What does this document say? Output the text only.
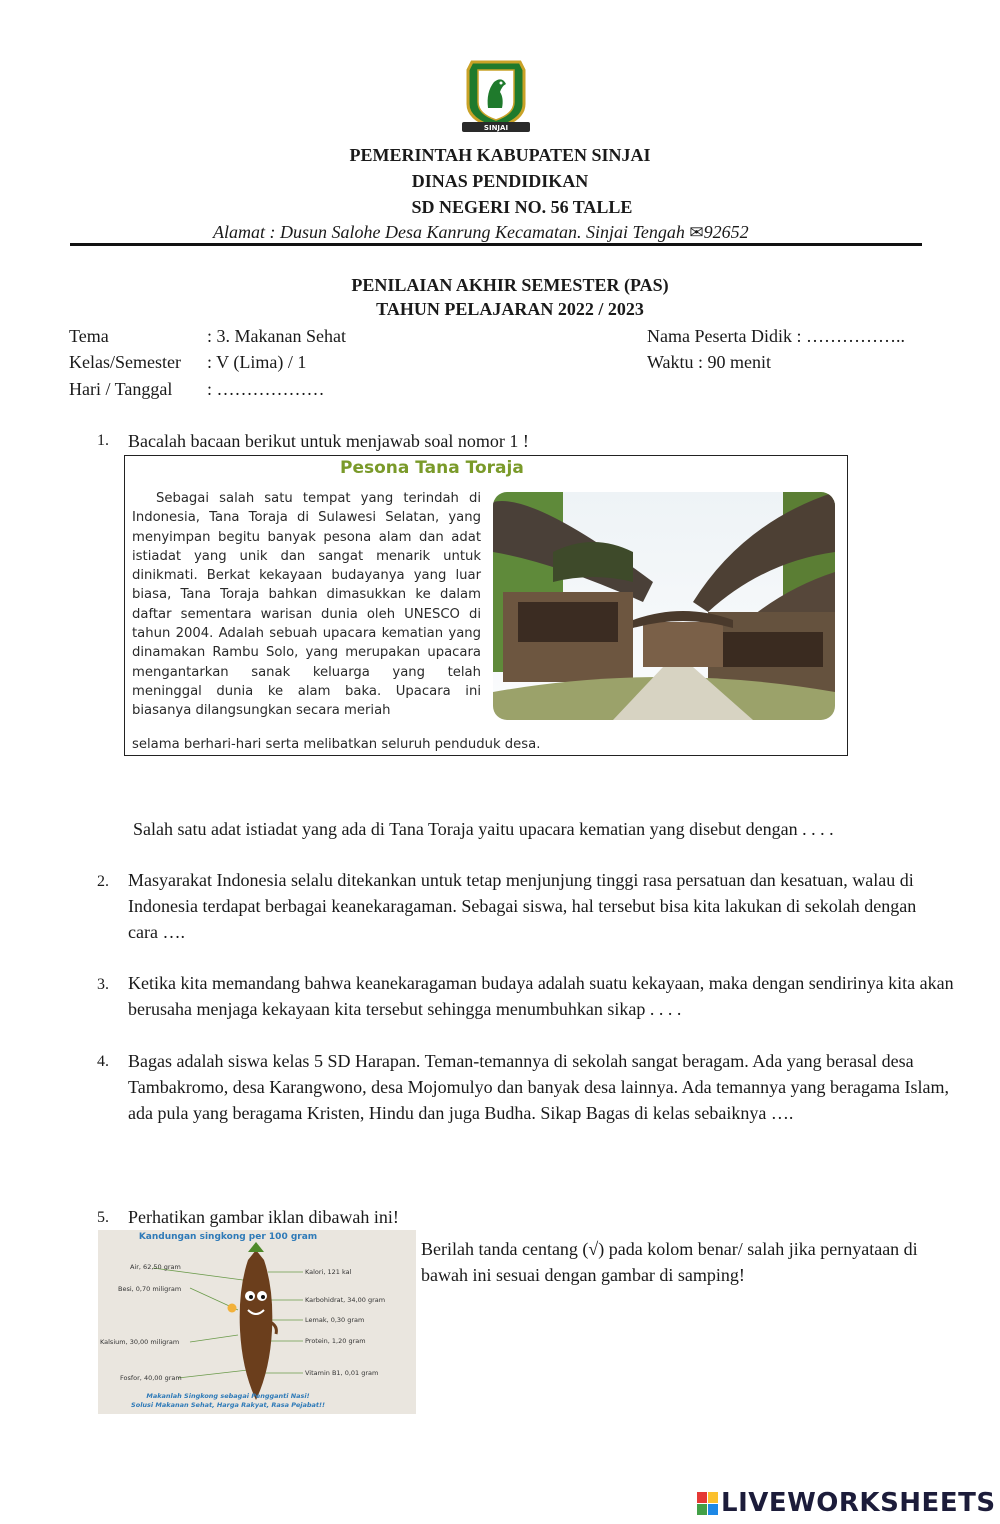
SINJAI
PEMERINTAH KABUPATEN SINJAI
DINAS PENDIDIKAN
SD NEGERI NO. 56 TALLE
Alamat : Dusun Salohe Desa Kanrung Kecamatan. Sinjai Tengah ✉92652
PENILAIAN AKHIR SEMESTER (PAS)
TAHUN PELAJARAN 2022 / 2023
Tema	: 3. Makanan Sehat
Kelas/Semester : V (Lima) / 1
Hari / Tanggal : ………………
Nama Peserta Didik : ……………..
Waktu : 90 menit
1. Bacalah bacaan berikut untuk menjawab soal nomor 1 !
Pesona Tana Toraja
Sebagai salah satu tempat yang terindah di Indonesia, Tana Toraja di Sulawesi Selatan, yang menyimpan begitu banyak pesona alam dan adat istiadat yang unik dan sangat menarik untuk dinikmati. Berkat kekayaan budayanya yang luar biasa, Tana Toraja bahkan dimasukkan ke dalam daftar sementara warisan dunia oleh UNESCO di tahun 2004. Adalah sebuah upacara kematian yang dinamakan Rambu Solo, yang merupakan upacara mengantarkan sanak keluarga yang telah meninggal dunia ke alam baka. Upacara ini biasanya dilangsungkan secara meriah
selama berhari-hari serta melibatkan seluruh penduduk desa.
Salah satu adat istiadat yang ada di Tana Toraja yaitu upacara kematian yang disebut dengan . . . .
2. Masyarakat Indonesia selalu ditekankan untuk tetap menjunjung tinggi rasa persatuan dan kesatuan, walau di Indonesia terdapat berbagai keanekaragaman. Sebagai siswa, hal tersebut bisa kita lakukan di sekolah dengan cara ….
3. Ketika kita memandang bahwa keanekaragaman budaya adalah suatu kekayaan, maka dengan sendirinya kita akan berusaha menjaga kekayaan kita tersebut sehingga menumbuhkan sikap . . . .
4. Bagas adalah siswa kelas 5 SD Harapan. Teman-temannya di sekolah sangat beragam. Ada yang berasal desa Tambakromo, desa Karangwono, desa Mojomulyo dan banyak desa lainnya. Ada temannya yang beragama Islam, ada pula yang beragama Kristen, Hindu dan juga Budha. Sikap Bagas di kelas sebaiknya ….
5. Perhatikan gambar iklan dibawah ini!
Berilah tanda centang (√) pada kolom benar/ salah jika pernyataan di bawah ini sesuai dengan gambar di samping!
Kandungan singkong per 100 gram
Air, 62,50 gram
Besi, 0,70 miligram
Kalsium, 30,00 miligram
Fosfor, 40,00 gram
Kalori, 121 kal
Karbohidrat, 34,00 gram
Lemak, 0,30 gram
Protein, 1,20 gram
Vitamin B1, 0,01 gram
Makanlah Singkong sebagai Pengganti Nasi!
Solusi Makanan Sehat, Harga Rakyat, Rasa Pejabat!!
LIVEWORKSHEETS
